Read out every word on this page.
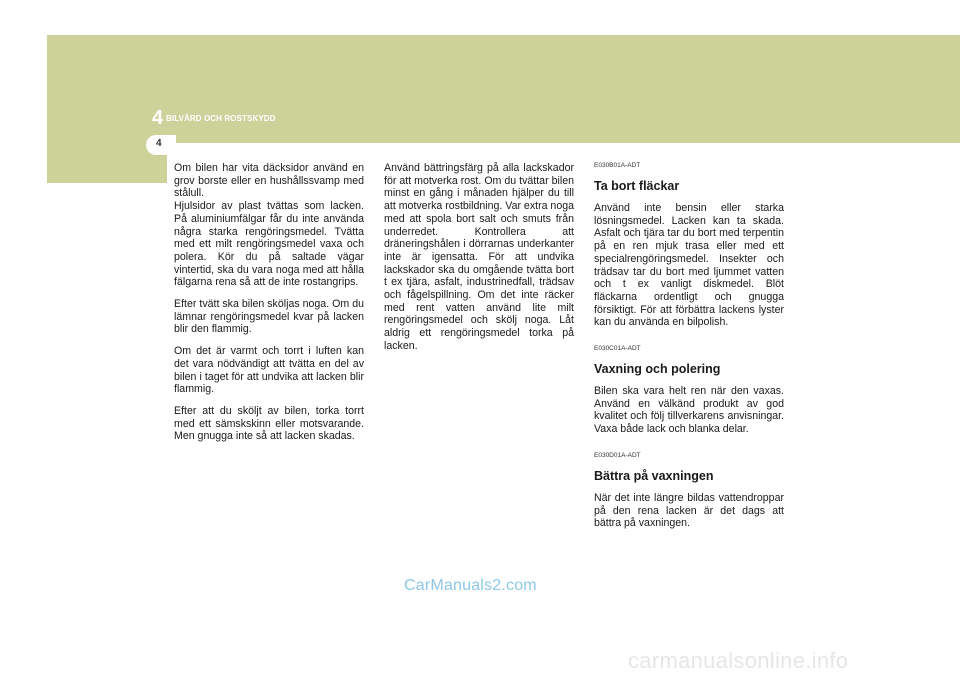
4 BILVÅRD OCH ROSTSKYDD
4

Om bilen har vita däcksidor använd en grov borste eller en hushållssvamp med stålull.
Hjulsidor av plast tvättas som lacken. På aluminiumfälgar får du inte använda några starka rengöringsmedel. Tvätta med ett milt rengöringsmedel vaxa och polera. Kör du på saltade vägar vintertid, ska du vara noga med att hålla fälgarna rena så att de inte rostangrips.

Efter tvätt ska bilen sköljas noga. Om du lämnar rengöringsmedel kvar på lacken blir den flammig.

Om det är varmt och torrt i luften kan det vara nödvändigt att tvätta en del av bilen i taget för att undvika att lacken blir flammig.

Efter att du sköljt av bilen, torka torrt med ett sämskskinn eller motsvarande. Men gnugga inte så att lacken skadas.

Använd bättringsfärg på alla lackskador för att motverka rost. Om du tvättar bilen minst en gång i månaden hjälper du till att motverka rostbildning. Var extra noga med att spola bort salt och smuts från underredet. Kontrollera att dräneringshålen i dörrarnas underkanter inte är igensatta. För att undvika lackskador ska du omgående tvätta bort t ex tjära, asfalt, industrinedfall, trädsav och fågelspillning. Om det inte räcker med rent vatten använd lite milt rengöringsmedel och skölj noga. Låt aldrig ett rengöringsmedel torka på lacken.

E030B01A-ADT

Ta bort fläckar

Använd inte bensin eller starka lösningsmedel. Lacken kan ta skada. Asfalt och tjära tar du bort med terpentin på en ren mjuk trasa eller med ett specialrengöringsmedel. Insekter och trädsav tar du bort med ljummet vatten och t ex vanligt diskmedel. Blöt fläckarna ordentligt och gnugga försiktigt. För att förbättra lackens lyster kan du använda en bilpolish.

E030C01A-ADT

Vaxning och polering

Bilen ska vara helt ren när den vaxas. Använd en välkänd produkt av god kvalitet och följ tillverkarens anvisningar. Vaxa både lack och blanka delar.

E030D01A-ADT

Bättra på vaxningen

När det inte längre bildas vattendroppar på den rena lacken är det dags att bättra på vaxningen.

CarManuals2.com
carmanualsonline.info
